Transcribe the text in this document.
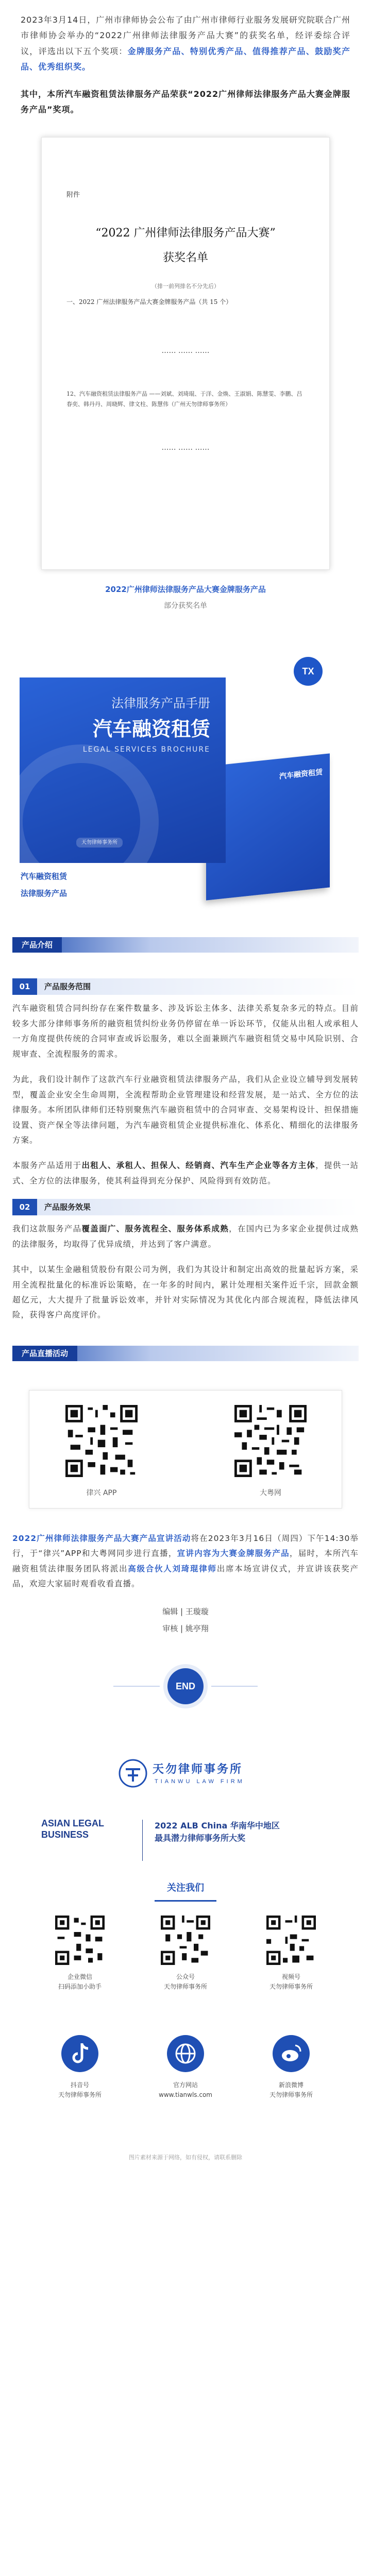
2023年3月14日，广州市律师协会公布了由广州市律师行业服务发展研究院联合广州市律师协会举办的“2022广州律师法律服务产品大赛”的获奖名单，经评委综合评议，评选出以下五个奖项：金牌服务产品、特别优秀产品、值得推荐产品、鼓励奖产品、优秀组织奖。

其中，本所汽车融资租赁法律服务产品荣获“2022广州律师法律服务产品大赛金牌服务产品”奖项。

附件
“2022 广州律师法律服务产品大赛”
获奖名单
（排一前列排名不分先后）
一、2022 广州法律服务产品大赛金牌服务产品（共 15 个）
…… …… ……
12、汽车融资租赁法律服务产品 ——刘斌、刘琦琨、于洋、金焕、王淑娟、陈慧雯、李鹏、吕春奕、韩丹丹、周晓辉、律文柱、陈慧伟（广州天勿律师事务所）
…… …… ……
2022广州律师法律服务产品大赛金牌服务产品
部分获奖名单
TX
汽车融资租赁
法律服务产品手册
汽车融资租赁
LEGAL SERVICES BROCHURE
天勿律师事务所
汽车融资租赁
法律服务产品
产品介绍
01	产品服务范围

汽车融资租赁合同纠纷存在案件数量多、涉及诉讼主体多、法律关系复杂多元的特点。目前较多大部分律师事务所的融资租赁纠纷业务仍停留在单一诉讼环节，仅能从出租人或承租人一方角度提供传统的合同审查或诉讼服务，难以全面兼顾汽车融资租赁交易中风险识别、合规审查、全流程服务的需求。

为此，我们设计制作了这款汽车行业融资租赁法律服务产品，我们从企业设立辅导到发展转型，覆盖企业安全生命周期，全流程帮助企业管理建设和经营发展，是一站式、全方位的法律服务。本所团队律师们还特别聚焦汽车融资租赁中的合同审查、交易架构设计、担保措施设置、资产保全等法律问题，为汽车融资租赁企业提供标准化、体系化、精细化的法律服务方案。

本服务产品适用于出租人、承租人、担保人、经销商、汽车生产企业等各方主体，提供一站式、全方位的法律服务，使其利益得到充分保护、风险得到有效防范。

02	产品服务效果

我们这款服务产品覆盖面广、服务流程全、服务体系成熟，在国内已为多家企业提供过成熟的法律服务，均取得了优异成绩，并达到了客户满意。

其中，以某生金融租赁股份有限公司为例，我们为其设计和制定出高效的批量起诉方案，采用全流程批量化的标准诉讼策略，在一年多的时间内，累计处理相关案件近千宗，回款金额超亿元，大大提升了批量诉讼效率，并针对实际情况为其优化内部合规流程，降低法律风险，获得客户高度评价。

产品直播活动
律兴 APP	大粤网

2022广州律师法律服务产品大赛产品宣讲活动将在2023年3月16日（周四）下午14:30举行，于“律兴”APP和大粤网同步进行直播，宣讲内容为大赛金牌服务产品，届时，本所汽车融资租赁法律服务团队将派出高级合伙人刘琦琨律师出席本场宣讲仪式，并宣讲该获奖产品，欢迎大家届时观看收看直播。

编辑 | 王璇璇
审核 | 姚亭翔
END
天勿律师事务所
TIANWU LAW FIRM
ASIAN LEGAL
BUSINESS
2022 ALB China 华南华中地区
最具潜力律师事务所大奖
关注我们
企业微信
扫码添加小助手
公众号
天勿律师事务所
视频号
天勿律师事务所
抖音号
天勿律师事务所
官方网站
www.tianwls.com
新浪微博
天勿律师事务所
图片素材来源于网络，如有侵权，请联系删除
